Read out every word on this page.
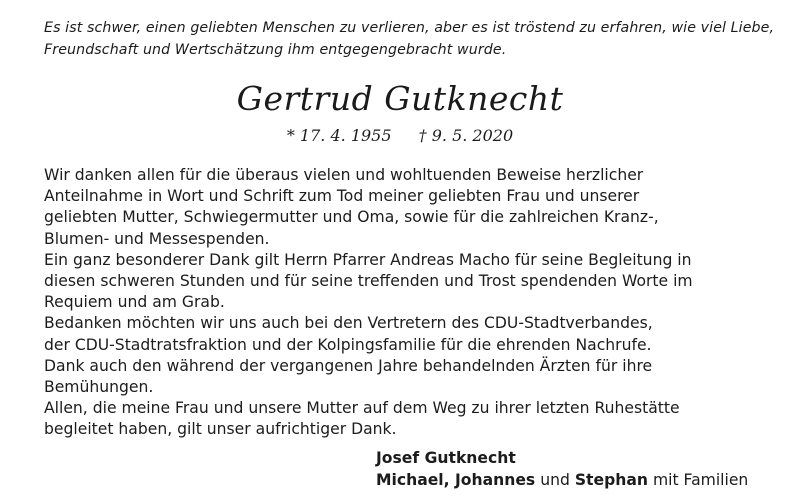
Es ist schwer, einen geliebten Menschen zu verlieren, aber es ist tröstend zu erfahren, wie viel Liebe,
Freundschaft und Wertschätzung ihm entgegengebracht wurde.
Gertrud Gutknecht
* 17. 4. 1955 † 9. 5. 2020
Wir danken allen für die überaus vielen und wohltuenden Beweise herzlicher
Anteilnahme in Wort und Schrift zum Tod meiner geliebten Frau und unserer
geliebten Mutter, Schwiegermutter und Oma, sowie für die zahlreichen Kranz-,
Blumen- und Messespenden.
Ein ganz besonderer Dank gilt Herrn Pfarrer Andreas Macho für seine Begleitung in
diesen schweren Stunden und für seine treffenden und Trost spendenden Worte im
Requiem und am Grab.
Bedanken möchten wir uns auch bei den Vertretern des CDU-Stadtverbandes,
der CDU-Stadtratsfraktion und der Kolpingsfamilie für die ehrenden Nachrufe.
Dank auch den während der vergangenen Jahre behandelnden Ärzten für ihre
Bemühungen.
Allen, die meine Frau und unsere Mutter auf dem Weg zu ihrer letzten Ruhestätte
begleitet haben, gilt unser aufrichtiger Dank.
Josef Gutknecht
Michael, Johannes und Stephan mit Familien
